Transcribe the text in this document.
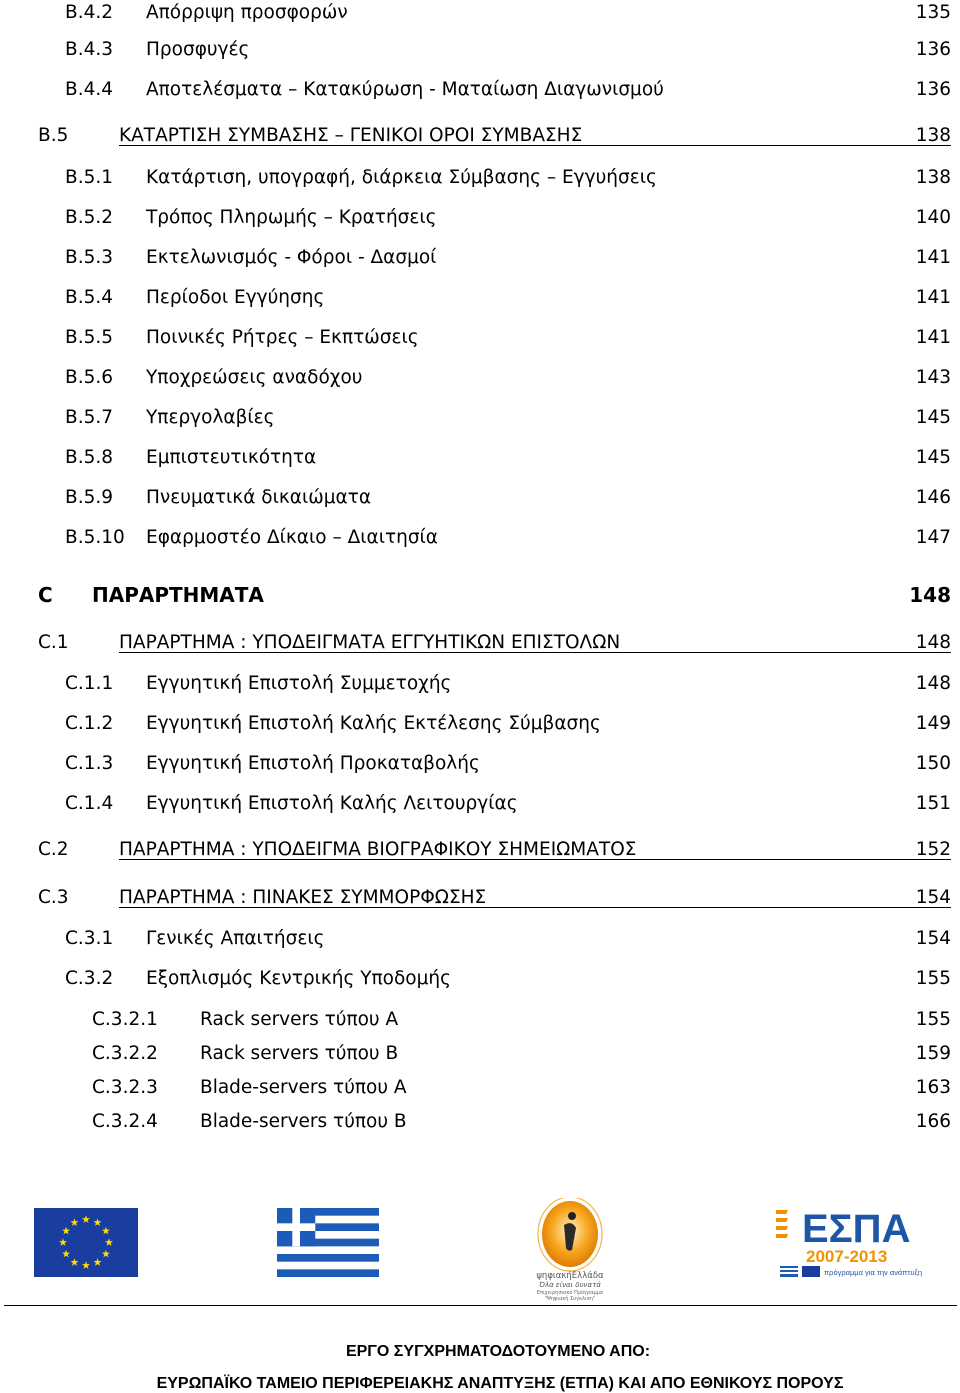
B.4.2 Απόρριψη προσφορών	135
B.4.3 Προσφυγές	136
B.4.4 Αποτελέσματα – Κατακύρωση - Ματαίωση Διαγωνισμού	136
B.5	ΚΑΤΑΡΤΙΣΗ ΣΥΜΒΑΣΗΣ – ΓΕΝΙΚΟΙ ΟΡΟΙ ΣΥΜΒΑΣΗΣ	138
B.5.1 Κατάρτιση, υπογραφή, διάρκεια Σύμβασης – Εγγυήσεις	138
B.5.2 Τρόπος Πληρωμής – Κρατήσεις	140
B.5.3 Εκτελωνισμός - Φόροι - Δασμοί	141
B.5.4 Περίοδοι Εγγύησης	141
B.5.5 Ποινικές Ρήτρες – Εκπτώσεις	141
B.5.6 Υποχρεώσεις αναδόχου	143
B.5.7 Υπεργολαβίες	145
B.5.8 Εμπιστευτικότητα	145
B.5.9 Πνευματικά δικαιώματα	146
B.5.10 Εφαρμοστέο Δίκαιο – Διαιτησία	147
C ΠΑΡΑΡΤΗΜΑΤΑ	148
C.1	ΠΑΡΑΡΤΗΜΑ : ΥΠΟΔΕΙΓΜΑΤΑ ΕΓΓΥΗΤΙΚΩΝ ΕΠΙΣΤΟΛΩΝ	148
C.1.1 Εγγυητική Επιστολή Συμμετοχής	148
C.1.2 Εγγυητική Επιστολή Καλής Εκτέλεσης Σύμβασης	149
C.1.3 Εγγυητική Επιστολή Προκαταβολής	150
C.1.4 Εγγυητική Επιστολή Καλής Λειτουργίας	151
C.2	ΠΑΡΑΡΤΗΜΑ : ΥΠΟΔΕΙΓΜΑ ΒΙΟΓΡΑΦΙΚΟΥ ΣΗΜΕΙΩΜΑΤΟΣ	152
C.3	ΠΑΡΑΡΤΗΜΑ : ΠΙΝΑΚΕΣ ΣΥΜΜΟΡΦΩΣΗΣ	154
C.3.1 Γενικές Απαιτήσεις	154
C.3.2 Εξοπλισμός Κεντρικής Υποδομής	155
C.3.2.1 Rack servers τύπου A	155
C.3.2.2 Rack servers τύπου B	159
C.3.2.3 Blade-servers τύπου A	163
C.3.2.4 Blade-servers τύπου B	166
ψηφιακήΕλλάδα
Όλα είναι δυνατά
Επιχειρησιακό Πρόγραμμα
"Ψηφιακή Σύγκλιση"
ΕΣΠΑ
2007-2013
πρόγραμμα για την ανάπτυξη
ΕΡΓΟ ΣΥΓΧΡΗΜΑΤΟΔΟΤΟΥΜΕΝΟ ΑΠΟ:
ΕΥΡΩΠΑΪΚΟ ΤΑΜΕΙΟ ΠΕΡΙΦΕΡΕΙΑΚΗΣ ΑΝΑΠΤΥΞΗΣ (ΕΤΠΑ) ΚΑΙ ΑΠΟ ΕΘΝΙΚΟΥΣ ΠΟΡΟΥΣ
